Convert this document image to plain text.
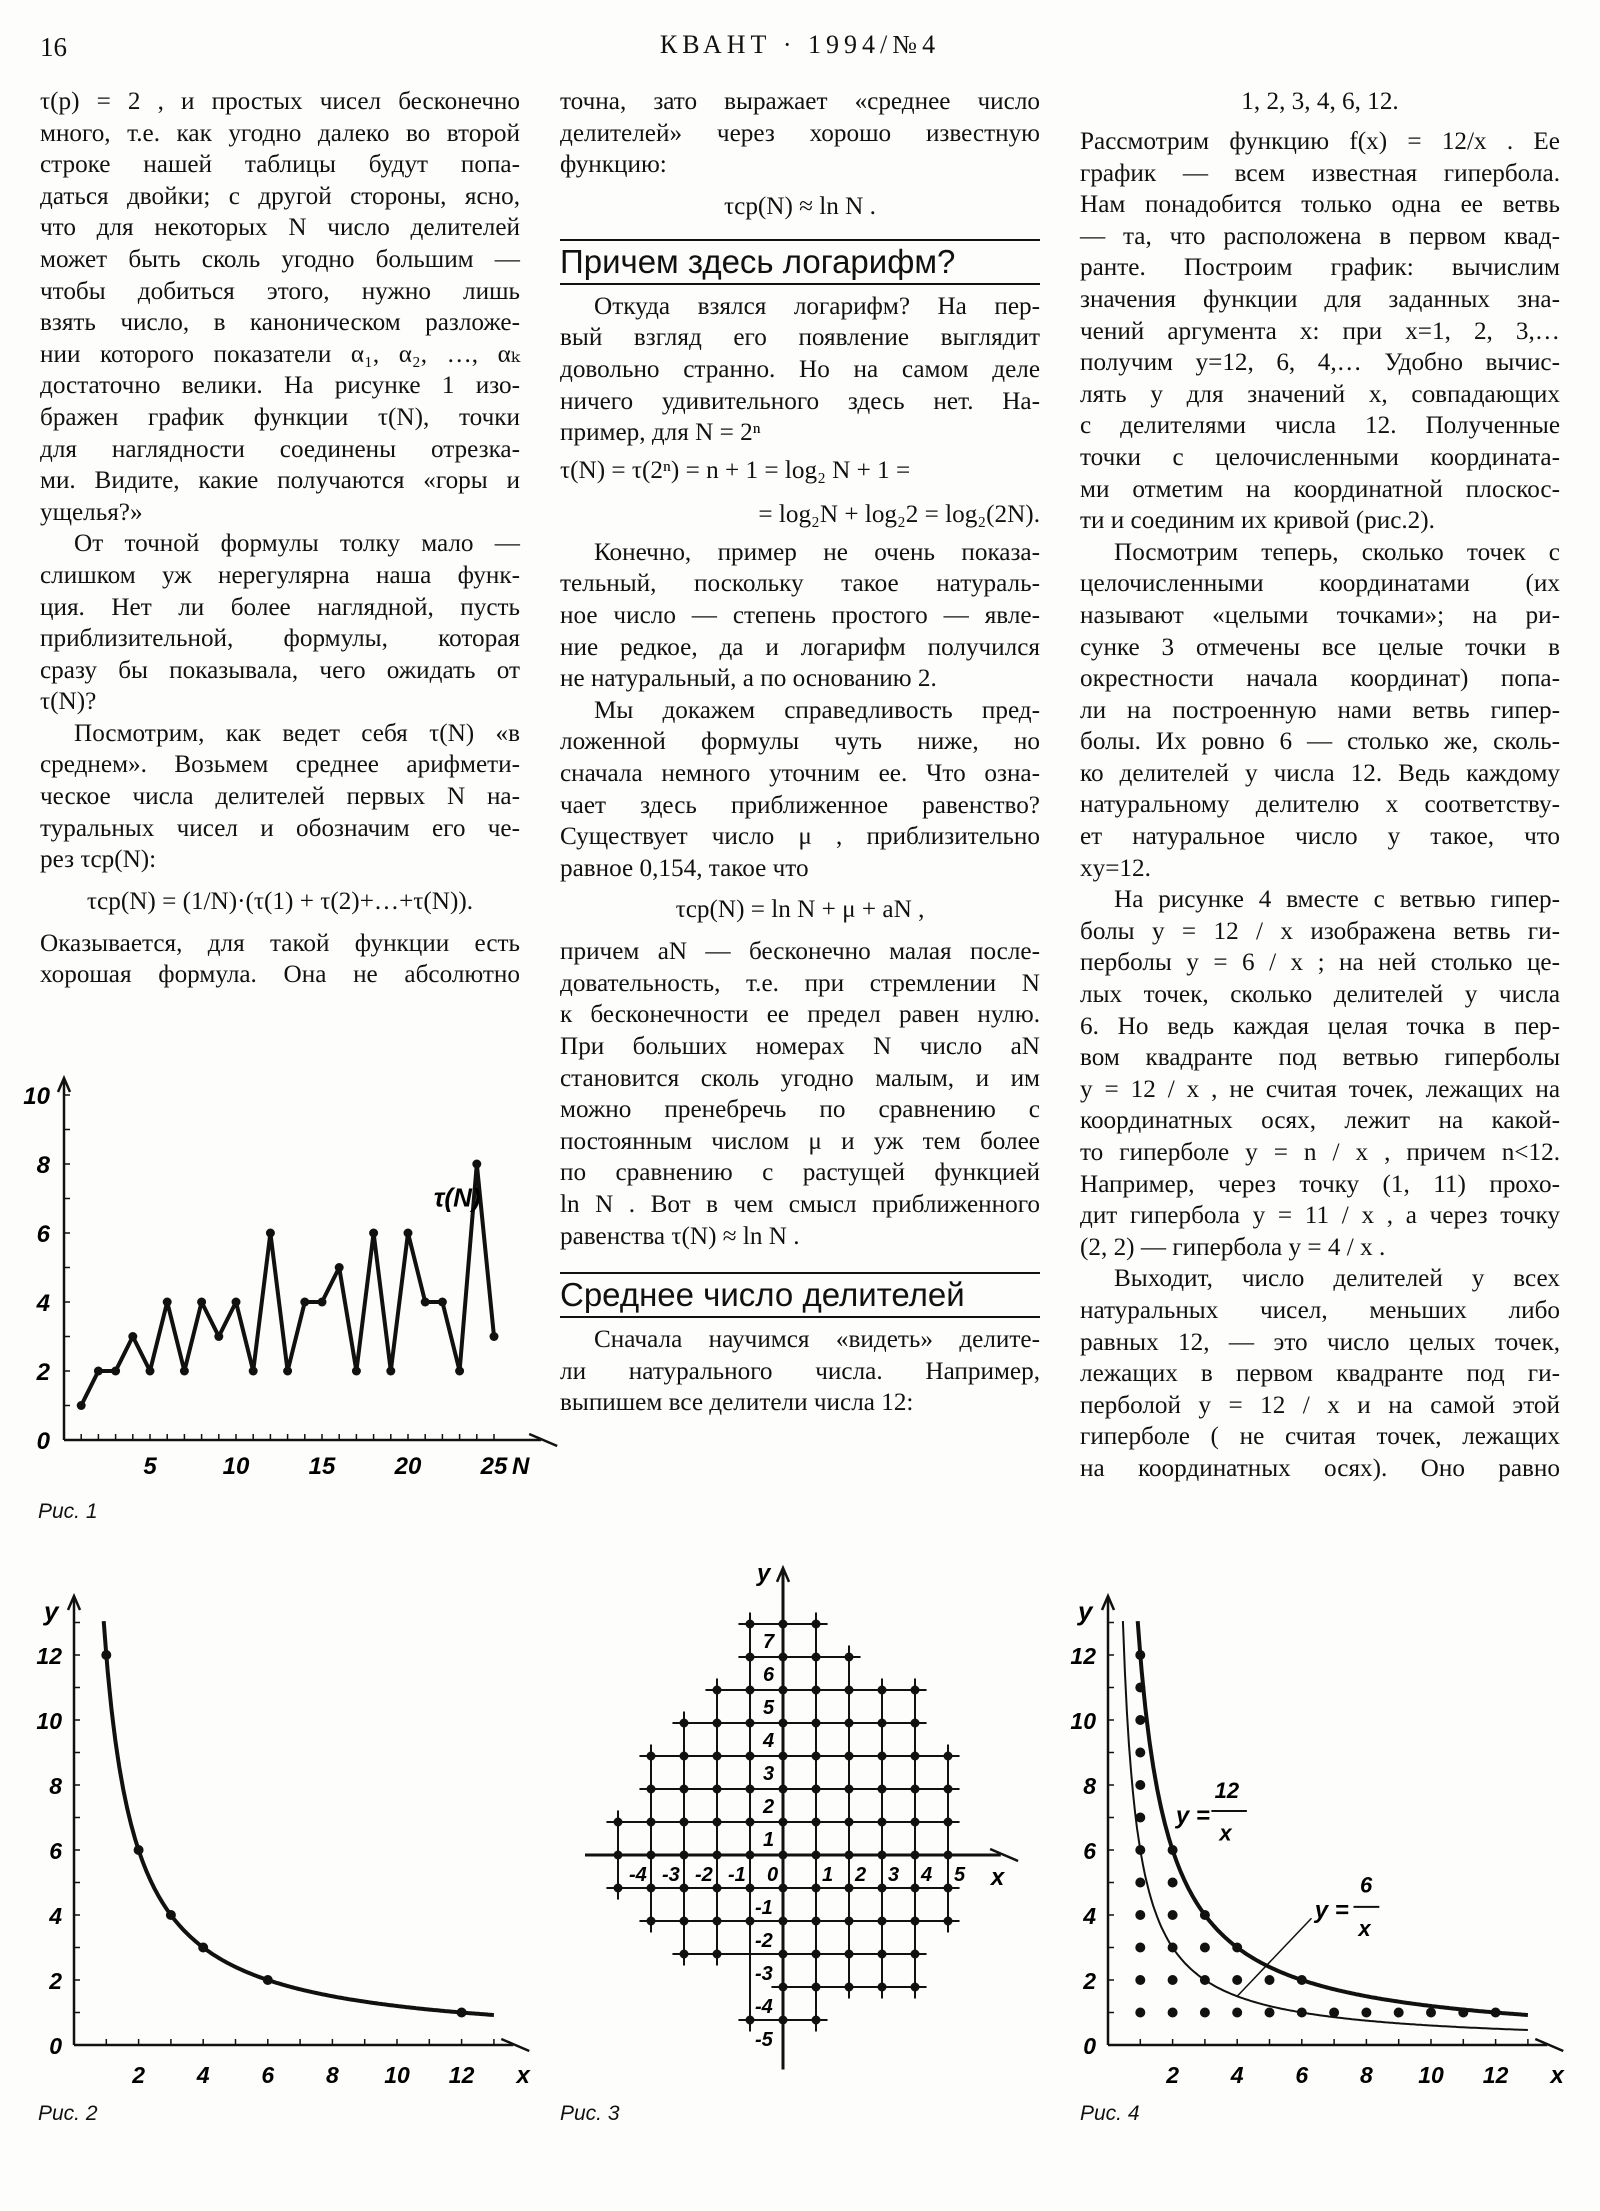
16	КВАНТ · 1994/№4
τ(p) = 2 , и простых чисел бесконечно
много, т.е. как угодно далеко во второй
строке нашей таблицы будут попа-
даться двойки; с другой стороны, ясно,
что для некоторых N число делителей
может быть сколь угодно большим —
чтобы добиться этого, нужно лишь
взять число, в каноническом разложе-
нии которого показатели α₁, α₂, …, αₖ
достаточно велики. На рисунке 1 изо-
бражен график функции τ(N), точки
для наглядности соединены отрезка-
ми. Видите, какие получаются «горы и
ущелья?»
От точной формулы толку мало —
слишком уж нерегулярна наша функ-
ция. Нет ли более наглядной, пусть
приблизительной, формулы, которая
сразу бы показывала, чего ожидать от
τ(N)?
Посмотрим, как ведет себя τ(N) «в
среднем». Возьмем среднее арифмети-
ческое числа делителей первых N на-
туральных чисел и обозначим его че-
рез τср(N):
τср(N) = (1/N)·(τ(1) + τ(2)+…+τ(N)).
Оказывается, для такой функции есть
хорошая формула. Она не абсолютно
точна, зато выражает «среднее число
делителей» через хорошо известную
функцию:
τср(N) ≈ ln N .
Причем здесь логарифм?
Откуда взялся логарифм? На пер-
вый взгляд его появление выглядит
довольно странно. Но на самом деле
ничего удивительного здесь нет. На-
пример, для N = 2ⁿ
τ(N) = τ(2ⁿ) = n + 1 = log₂ N + 1 =
= log₂N + log₂2 = log₂(2N).
Конечно, пример не очень показа-
тельный, поскольку такое натураль-
ное число — степень простого — явле-
ние редкое, да и логарифм получился
не натуральный, а по основанию 2.
Мы докажем справедливость пред-
ложенной формулы чуть ниже, но
сначала немного уточним ее. Что озна-
чает здесь приближенное равенство?
Существует число μ , приблизительно
равное 0,154, такое что
τср(N) = ln N + μ + aN ,
причем aN — бесконечно малая после-
довательность, т.е. при стремлении N
к бесконечности ее предел равен нулю.
При больших номерах N число aN
становится сколь угодно малым, и им
можно пренебречь по сравнению с
постоянным числом μ и уж тем более
по сравнению с растущей функцией
ln N . Вот в чем смысл приближенного
равенства τ(N) ≈ ln N .
Среднее число делителей
Сначала научимся «видеть» делите-
ли натурального числа. Например,
выпишем все делители числа 12:
1, 2, 3, 4, 6, 12.
Рассмотрим функцию f(x) = 12/x . Ее
график — всем известная гипербола.
Нам понадобится только одна ее ветвь
— та, что расположена в первом квад-
ранте. Построим график: вычислим
значения функции для заданных зна-
чений аргумента x: при x=1, 2, 3,…
получим y=12, 6, 4,… Удобно вычис-
лять y для значений x, совпадающих
с делителями числа 12. Полученные
точки с целочисленными координата-
ми отметим на координатной плоскос-
ти и соединим их кривой (рис.2).
Посмотрим теперь, сколько точек с
целочисленными координатами (их
называют «целыми точками»; на ри-
сунке 3 отмечены все целые точки в
окрестности начала координат) попа-
ли на построенную нами ветвь гипер-
болы. Их ровно 6 — столько же, сколь-
ко делителей у числа 12. Ведь каждому
натуральному делителю x соответству-
ет натуральное число y такое, что
xy=12.
На рисунке 4 вместе с ветвью гипер-
болы y = 12 / x изображена ветвь ги-
перболы y = 6 / x ; на ней столько це-
лых точек, сколько делителей у числа
6. Но ведь каждая целая точка в пер-
вом квадранте под ветвью гиперболы
y = 12 / x , не считая точек, лежащих на
координатных осях, лежит на какой-
то гиперболе y = n / x , причем n<12.
Например, через точку (1, 11) прохо-
дит гипербола y = 11 / x , а через точку
(2, 2) — гипербола y = 4 / x .
Выходит, число делителей у всех
натуральных чисел, меньших либо
равных 12, — это число целых точек,
лежащих в первом квадранте под ги-
перболой y = 12 / x и на самой этой
гиперболе ( не считая точек, лежащих
на координатных осях). Оно равно
0
2
4
6
8
10
5	10 15 20 25 N
τ(N)
Рис. 1
0
2
4
6
8
10
12
2 4 6 8 10 12 x
y
Рис. 2
x
y
-4 -3 -2 -1 0 1 2 3 4 5
7
6
5
4
3
2
1
-1
-2
-3
-4
-5
Рис. 3
0
2
4
6
8
10
12
2 4 6 8 10 12 x
y
y =
12
x
y =
6
x
Рис. 4
